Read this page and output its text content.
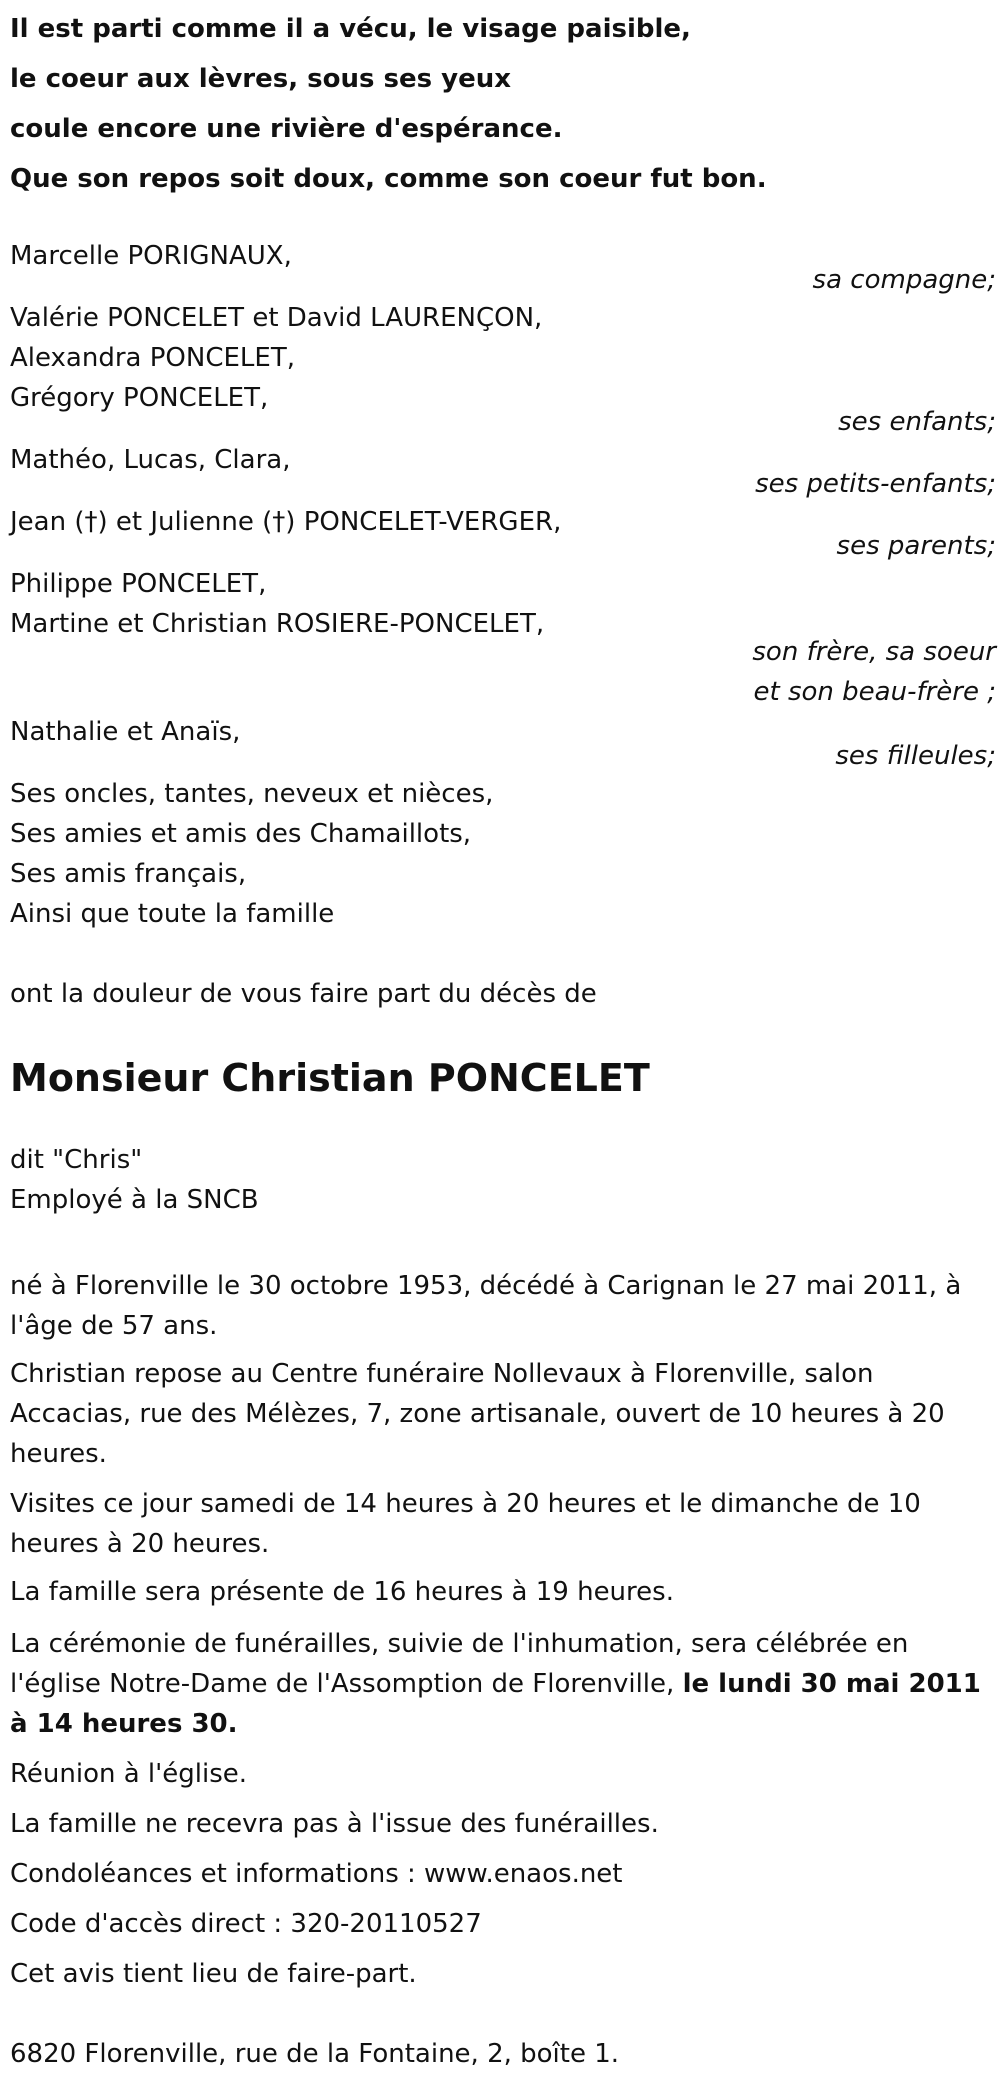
Il est parti comme il a vécu, le visage paisible,
le coeur aux lèvres, sous ses yeux
coule encore une rivière d'espérance.
Que son repos soit doux, comme son coeur fut bon.
Marcelle PORIGNAUX,
sa compagne;
Valérie PONCELET et David LAURENÇON,
Alexandra PONCELET,
Grégory PONCELET,
ses enfants;
Mathéo, Lucas, Clara,
ses petits-enfants;
Jean (†) et Julienne (†) PONCELET-VERGER,
ses parents;
Philippe PONCELET,
Martine et Christian ROSIERE-PONCELET,
son frère, sa soeur
et son beau-frère ;
Nathalie et Anaïs,
ses filleules;
Ses oncles, tantes, neveux et nièces,
Ses amies et amis des Chamaillots,
Ses amis français,
Ainsi que toute la famille
ont la douleur de vous faire part du décès de
Monsieur Christian PONCELET
dit "Chris"
Employé à la SNCB
né à Florenville le 30 octobre 1953, décédé à Carignan le 27 mai 2011, à l'âge de 57 ans.
Christian repose au Centre funéraire Nollevaux à Florenville, salon Accacias, rue des Mélèzes, 7, zone artisanale, ouvert de 10 heures à 20 heures.
Visites ce jour samedi de 14 heures à 20 heures et le dimanche de 10 heures à 20 heures.
La famille sera présente de 16 heures à 19 heures.
La cérémonie de funérailles, suivie de l'inhumation, sera célébrée en l'église Notre-Dame de l'Assomption de Florenville, le lundi 30 mai 2011 à 14 heures 30.
Réunion à l'église.
La famille ne recevra pas à l'issue des funérailles.
Condoléances et informations : www.enaos.net
Code d'accès direct : 320-20110527
Cet avis tient lieu de faire-part.
6820 Florenville, rue de la Fontaine, 2, boîte 1.
